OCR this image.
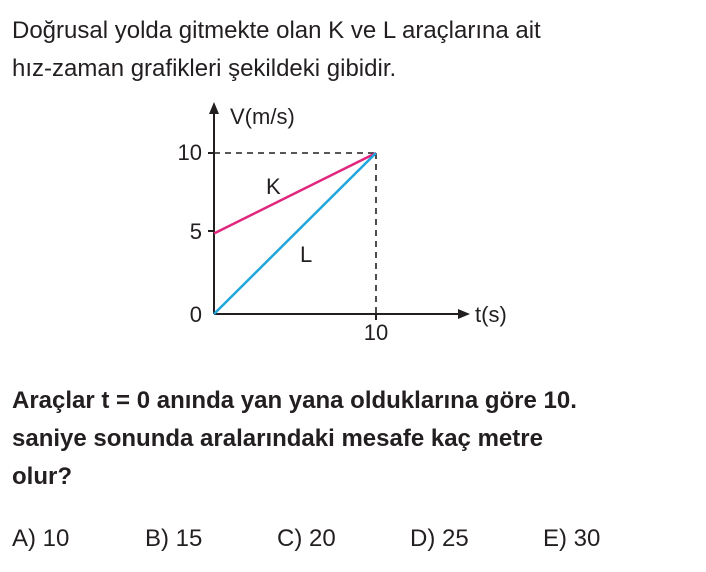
Doğrusal yolda gitmekte olan K ve L araçlarına ait
hız-zaman grafikleri şekildeki gibidir.
V(m/s)
t(s)
10
5
0
10
K
L
Araçlar t = 0 anında yan yana olduklarına göre 10.
saniye sonunda aralarındaki mesafe kaç metre
olur?
A) 10	B) 15	C) 20	D) 25	E) 30
